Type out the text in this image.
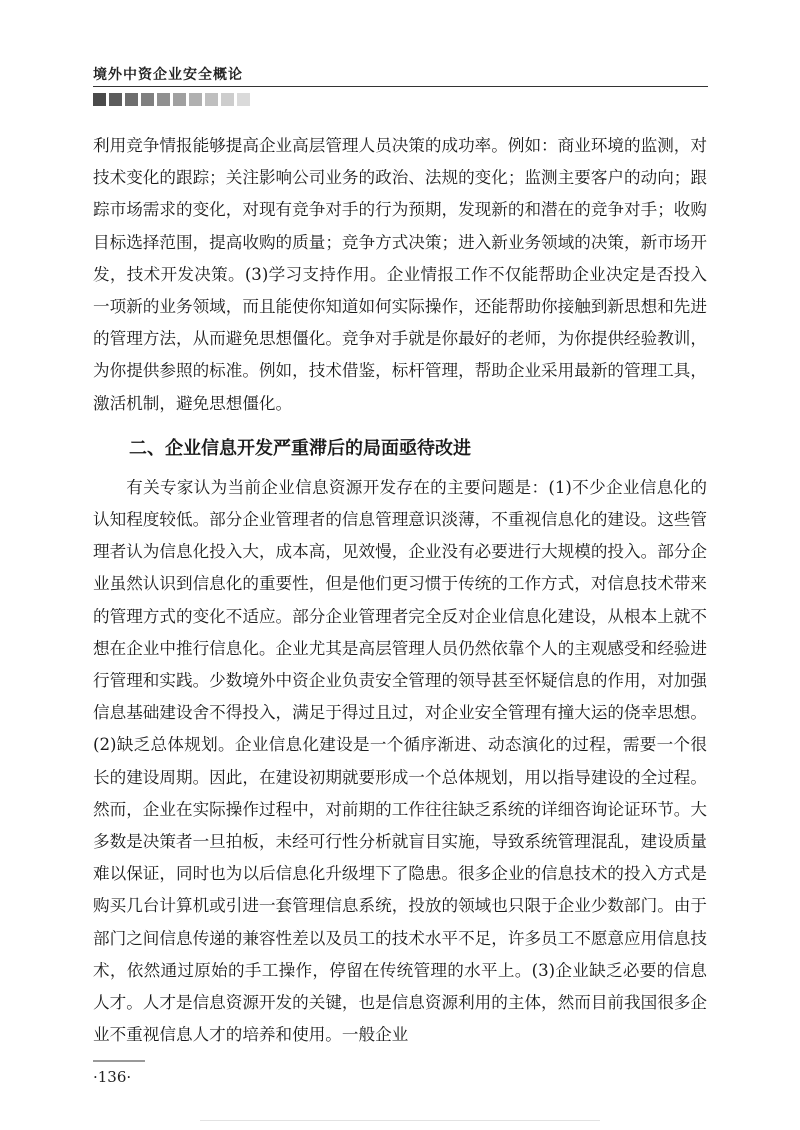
境外中资企业安全概论

利用竞争情报能够提高企业高层管理人员决策的成功率。例如：商业环境的监测，对技术变化的跟踪；关注影响公司业务的政治、法规的变化；监测主要客户的动向；跟踪市场需求的变化，对现有竞争对手的行为预期，发现新的和潜在的竞争对手；收购目标选择范围，提高收购的质量；竞争方式决策；进入新业务领域的决策，新市场开发，技术开发决策。(3)学习支持作用。企业情报工作不仅能帮助企业决定是否投入一项新的业务领域，而且能使你知道如何实际操作，还能帮助你接触到新思想和先进的管理方法，从而避免思想僵化。竞争对手就是你最好的老师，为你提供经验教训，为你提供参照的标准。例如，技术借鉴，标杆管理，帮助企业采用最新的管理工具，激活机制，避免思想僵化。

二、企业信息开发严重滞后的局面亟待改进

有关专家认为当前企业信息资源开发存在的主要问题是：(1)不少企业信息化的认知程度较低。部分企业管理者的信息管理意识淡薄，不重视信息化的建设。这些管理者认为信息化投入大，成本高，见效慢，企业没有必要进行大规模的投入。部分企业虽然认识到信息化的重要性，但是他们更习惯于传统的工作方式，对信息技术带来的管理方式的变化不适应。部分企业管理者完全反对企业信息化建设，从根本上就不想在企业中推行信息化。企业尤其是高层管理人员仍然依靠个人的主观感受和经验进行管理和实践。少数境外中资企业负责安全管理的领导甚至怀疑信息的作用，对加强信息基础建设舍不得投入，满足于得过且过，对企业安全管理有撞大运的侥幸思想。(2)缺乏总体规划。企业信息化建设是一个循序渐进、动态演化的过程，需要一个很长的建设周期。因此，在建设初期就要形成一个总体规划，用以指导建设的全过程。然而，企业在实际操作过程中，对前期的工作往往缺乏系统的详细咨询论证环节。大多数是决策者一旦拍板，未经可行性分析就盲目实施，导致系统管理混乱，建设质量难以保证，同时也为以后信息化升级埋下了隐患。很多企业的信息技术的投入方式是购买几台计算机或引进一套管理信息系统，投放的领域也只限于企业少数部门。由于部门之间信息传递的兼容性差以及员工的技术水平不足，许多员工不愿意应用信息技术，依然通过原始的手工操作，停留在传统管理的水平上。(3)企业缺乏必要的信息人才。人才是信息资源开发的关键，也是信息资源利用的主体，然而目前我国很多企业不重视信息人才的培养和使用。一般企业

·136·
